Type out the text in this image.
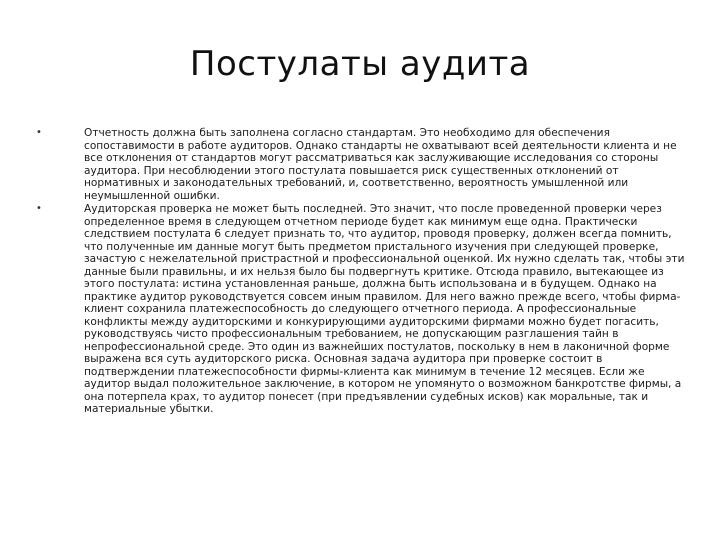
Постулаты аудита
•	Отчетность должна быть заполнена согласно стандартам. Это необходимо для обеспечения сопоставимости в работе аудиторов. Однако стандарты не охватывают всей деятельности клиента и не все отклонения от стандартов могут рассматриваться как заслуживающие исследования со стороны аудитора. При несоблюдении этого постулата повышается риск существенных отклонений от нормативных и законодательных требований, и, соответственно, вероятность умышленной или неумышленной ошибки.
•	Аудиторская проверка не может быть последней. Это значит, что после проведенной проверки через определенное время в следующем отчетном периоде будет как минимум еще одна. Практически следствием постулата 6 следует признать то, что аудитор, проводя проверку, должен всегда помнить, что полученные им данные могут быть предметом пристального изучения при следующей проверке, зачастую с нежелательной пристрастной и профессиональной оценкой. Их нужно сделать так, чтобы эти данные были правильны, и их нельзя было бы подвергнуть критике. Отсюда правило, вытекающее из этого постулата: истина установленная раньше, должна быть использована и в будущем. Однако на практике аудитор руководствуется совсем иным правилом. Для него важно прежде всего, чтобы фирма-клиент сохранила платежеспособность до следующего отчетного периода. А профессиональные конфликты между аудиторскими и конкурирующими аудиторскими фирмами можно будет погасить, руководствуясь чисто профессиональным требованием, не допускающим разглашения тайн в непрофессиональной среде. Это один из важнейших постулатов, поскольку в нем в лаконичной форме выражена вся суть аудиторского риска. Основная задача аудитора при проверке состоит в подтверждении платежеспособности фирмы-клиента как минимум в течение 12 месяцев. Если же аудитор выдал положительное заключение, в котором не упомянуто о возможном банкротстве фирмы, а она потерпела крах, то аудитор понесет (при предъявлении судебных исков) как моральные, так и материальные убытки.
